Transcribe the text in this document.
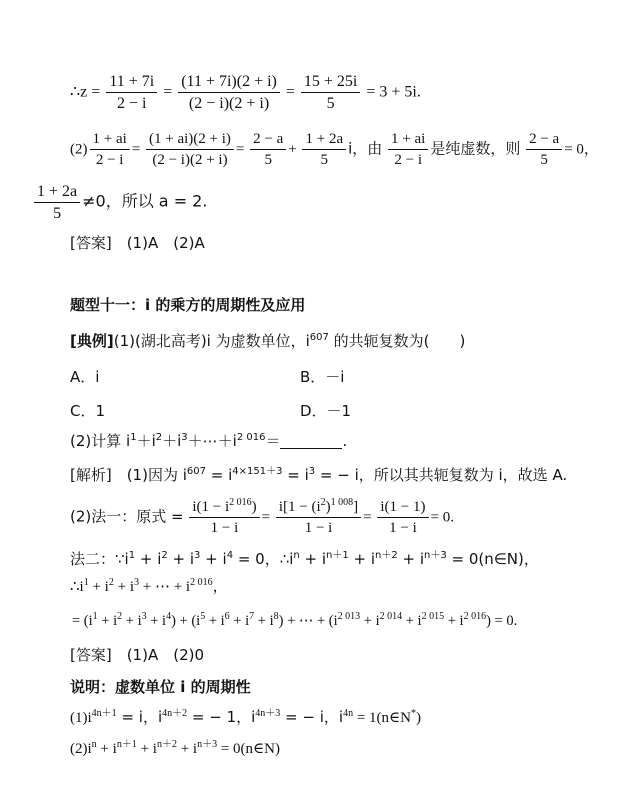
∴z = $\frac{11 + 7i}{2 - i} = \frac{(11 + 7i)(2 + i)}{(2 - i)(2 + i)} = \frac{15 + 25i}{5} = 3 + 5i$.
$(2) \frac{1 + ai}{2 - i} = \frac{(1 + ai)(2 + i)}{(2 - i)(2 + i)} = \frac{2 - a}{5} + \frac{1 + 2a}{5}$ i，由 $\frac{1 + ai}{2 - i}$ 是纯虚数，则 $\frac{2 - a}{5} = 0$，
$\frac{1 + 2a}{5} \ne 0$，所以 a = 2.
[答案]　(1)A　(2)A
题型十一：i 的乘方的周期性及应用
[典例](1)(湖北高考)i 为虚数单位，$i^{607}$ 的共轭复数为(　　)
A．i	B．－i
C．1	D．－1
(2)计算 $i^1+i^2+i^3+\cdots+i^{2 016}=$	.
[解析]　(1)因为 $i^{607} = i^{4\times 151+3} = i^3$ = − i，所以其共轭复数为 i，故选 A.
(2)法一：原式 = $\frac{i(1 - i^{2 016})}{1 - i} = \frac{i[1 - (i^2)^{1 008}]}{1 - i} = \frac{i(1 - 1)}{1 - i} = 0$.
法二：$\because i^1 + i^2 + i^3 + i^4 = 0$，$\therefore i^n + i^{n+1} + i^{n+2} + i^{n+3}$ = 0(n∈N)，
$\therefore i^1 + i^2 + i^3$ + ⋯ + $i^{2 016}$，
= $(i^1 + i^2 + i^3 + i^4) + (i^5 + i^6 + i^7 + i^8)$ + ⋯ + $(i^{2 013} + i^{2 014} + i^{2 015} + i^{2 016}) = 0$.
[答案]　(1)A　(2)0
说明：虚数单位 i 的周期性
$(1)i^{4n+1} = i$，$i^{4n+2}$ = − 1，$i^{4n+3}$ = − i，$i^{4n}$ = 1(n∈N*)
$(2)i^n + i^{n+1} + i^{n+2} + i^{n+3}$ = 0(n∈N)
